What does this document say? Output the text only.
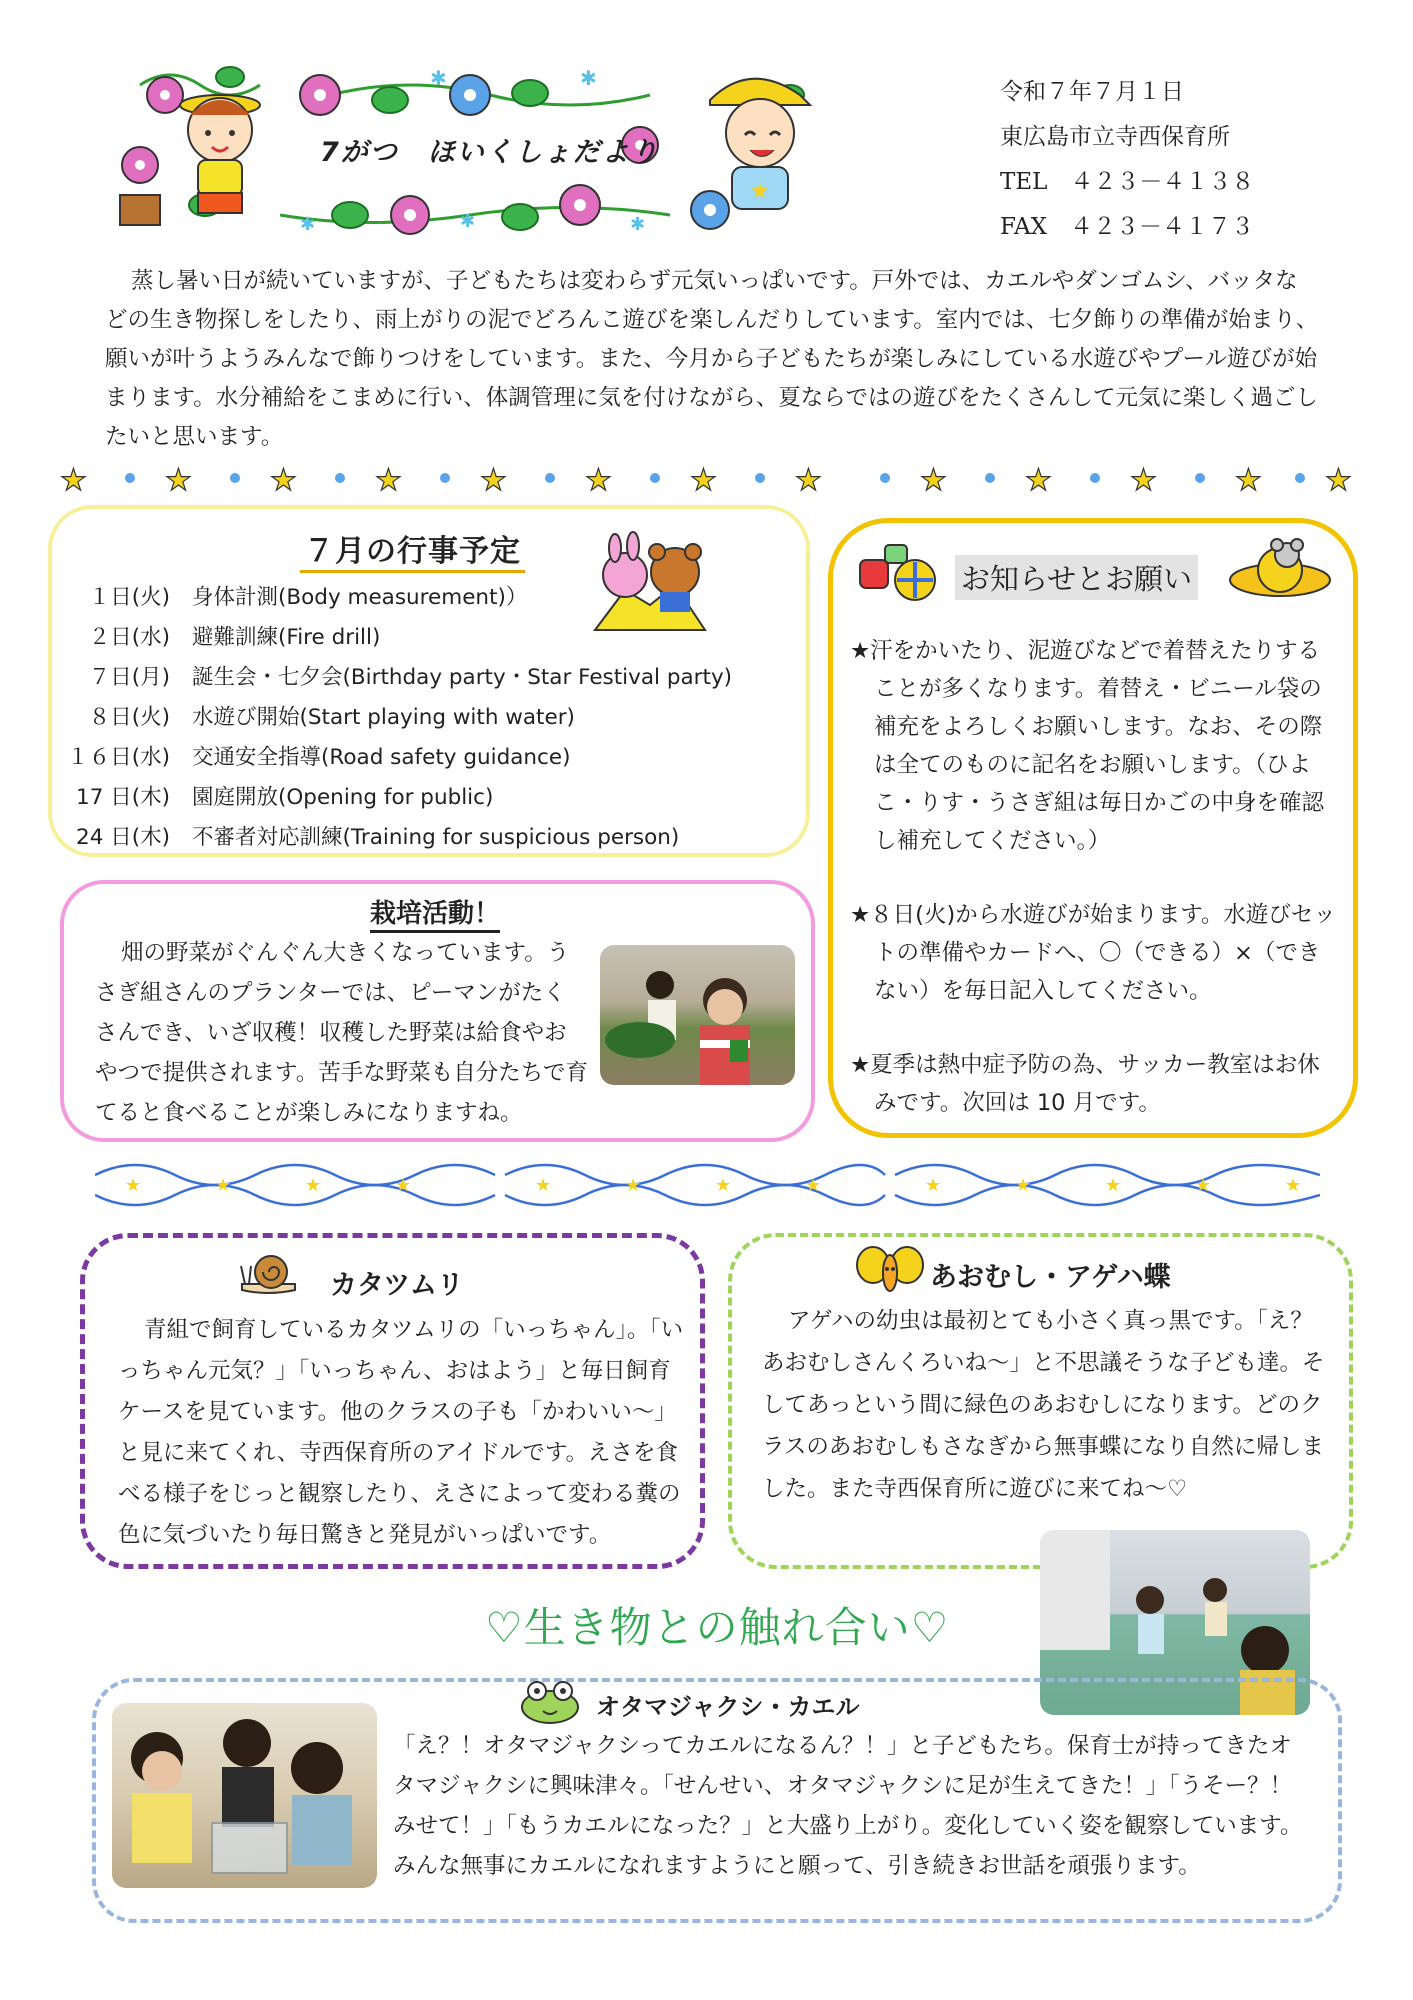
✱	✱
✱	✱	✱
★
7がつ　ほいくしょだより
令和７年７月１日
東広島市立寺西保育所
TEL　４２３－４１３８
FAX　４２３－４１７３
蒸し暑い日が続いていますが、子どもたちは変わらず元気いっぱいです。戸外では、カエルやダンゴムシ、バッタなどの生き物探しをしたり、雨上がりの泥でどろんこ遊びを楽しんだりしています。室内では、七夕飾りの準備が始まり、願いが叶うようみんなで飾りつけをしています。また、今月から子どもたちが楽しみにしている水遊びやプール遊びが始まります。水分補給をこまめに行い、体調管理に気を付けながら、夏ならではの遊びをたくさんして元気に楽しく過ごしたいと思います。
★	★	★	★	★	★	★	★	★	★	★	★ ★
７月の行事予定
１日(火)	身体計測(Body measurement)）
２日(水)	避難訓練(Fire drill)
７日(月)	誕生会・七夕会(Birthday party・Star Festival party)
８日(火)	水遊び開始(Start playing with water)
１６日(水)	交通安全指導(Road safety guidance)
17 日(木)	園庭開放(Opening for public)
24 日(木)	不審者対応訓練(Training for suspicious person)
お知らせとお願い

★汗をかいたり、泥遊びなどで着替えたりすることが多くなります。着替え・ビニール袋の補充をよろしくお願いします。なお、その際は全てのものに記名をお願いします。（ひよこ・りす・うさぎ組は毎日かごの中身を確認し補充してください。）

★８日(火)から水遊びが始まります。水遊びセットの準備やカードへ、〇（できる）×（できない）を毎日記入してください。

★夏季は熱中症予防の為、サッカー教室はお休みです。次回は 10 月です。

栽培活動！
畑の野菜がぐんぐん大きくなっています。うさぎ組さんのプランターでは、ピーマンがたくさんでき、いざ収穫！収穫した野菜は給食やおやつで提供されます。苦手な野菜も自分たちで育てると食べることが楽しみになりますね。
★	★	★	★	★	★	★	★	★	★	★	★	★
カタツムリ
青組で飼育しているカタツムリの「いっちゃん」。「いっちゃん元気？」「いっちゃん、おはよう」と毎日飼育ケースを見ています。他のクラスの子も「かわいい～」と見に来てくれ、寺西保育所のアイドルです。えさを食べる様子をじっと観察したり、えさによって変わる糞の色に気づいたり毎日驚きと発見がいっぱいです。
あおむし・アゲハ蝶
アゲハの幼虫は最初とても小さく真っ黒です。「え？あおむしさんくろいね～」と不思議そうな子ども達。そしてあっという間に緑色のあおむしになります。どのクラスのあおむしもさなぎから無事蝶になり自然に帰しました。また寺西保育所に遊びに来てね～♡
♡生き物との触れ合い♡
オタマジャクシ・カエル
「え？！オタマジャクシってカエルになるん？！」と子どもたち。保育士が持ってきたオタマジャクシに興味津々。「せんせい、オタマジャクシに足が生えてきた！」「うそー？！みせて！」「もうカエルになった？」と大盛り上がり。変化していく姿を観察しています。みんな無事にカエルになれますようにと願って、引き続きお世話を頑張ります。
